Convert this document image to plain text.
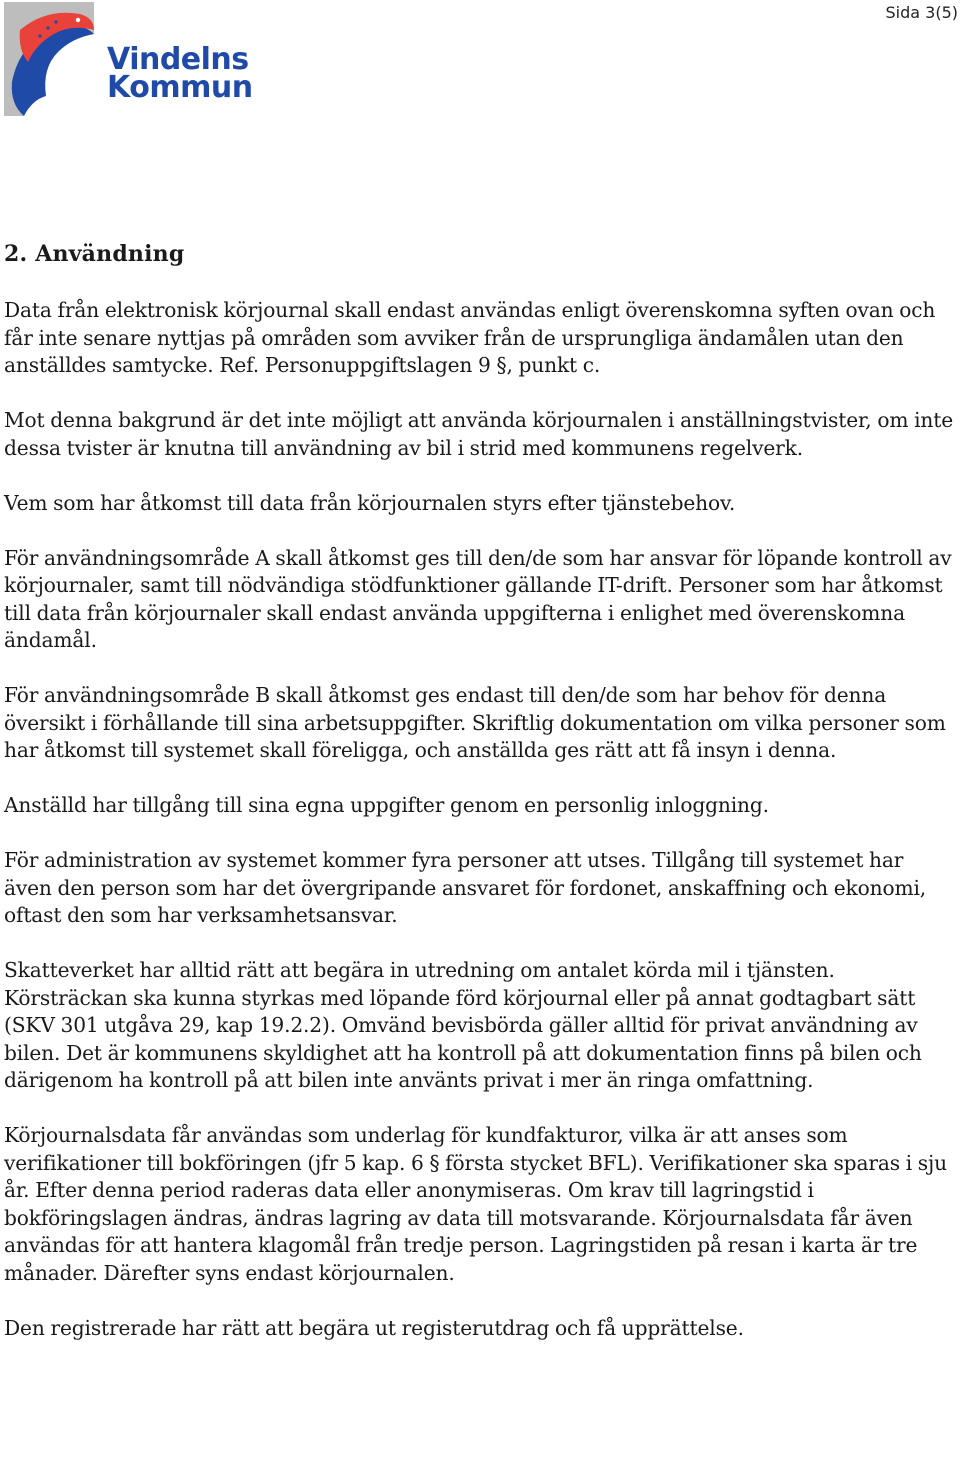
Sida 3(5)
Vindelns
Kommun
2. Användning

Data från elektronisk körjournal skall endast användas enligt överenskomna syften ovan och får inte senare nyttjas på områden som avviker från de ursprungliga ändamålen utan den anställdes samtycke. Ref. Personuppgiftslagen 9 §, punkt c.

Mot denna bakgrund är det inte möjligt att använda körjournalen i anställningstvister, om inte dessa tvister är knutna till användning av bil i strid med kommunens regelverk.

Vem som har åtkomst till data från körjournalen styrs efter tjänstebehov.

För användningsområde A skall åtkomst ges till den/de som har ansvar för löpande kontroll av körjournaler, samt till nödvändiga stödfunktioner gällande IT-drift. Personer som har åtkomst till data från körjournaler skall endast använda uppgifterna i enlighet med överenskomna ändamål.

För användningsområde B skall åtkomst ges endast till den/de som har behov för denna översikt i förhållande till sina arbetsuppgifter. Skriftlig dokumentation om vilka personer som har åtkomst till systemet skall föreligga, och anställda ges rätt att få insyn i denna.

Anställd har tillgång till sina egna uppgifter genom en personlig inloggning.

För administration av systemet kommer fyra personer att utses. Tillgång till systemet har även den person som har det övergripande ansvaret för fordonet, anskaffning och ekonomi, oftast den som har verksamhetsansvar.

Skatteverket har alltid rätt att begära in utredning om antalet körda mil i tjänsten. Körsträckan ska kunna styrkas med löpande förd körjournal eller på annat godtagbart sätt (SKV 301 utgåva 29, kap 19.2.2). Omvänd bevisbörda gäller alltid för privat användning av bilen. Det är kommunens skyldighet att ha kontroll på att dokumentation finns på bilen och därigenom ha kontroll på att bilen inte använts privat i mer än ringa omfattning.

Körjournalsdata får användas som underlag för kundfakturor, vilka är att anses som verifikationer till bokföringen (jfr 5 kap. 6 § första stycket BFL). Verifikationer ska sparas i sju år. Efter denna period raderas data eller anonymiseras. Om krav till lagringstid i bokföringslagen ändras, ändras lagring av data till motsvarande. Körjournalsdata får även användas för att hantera klagomål från tredje person. Lagringstiden på resan i karta är tre månader. Därefter syns endast körjournalen.

Den registrerade har rätt att begära ut registerutdrag och få upprättelse.
